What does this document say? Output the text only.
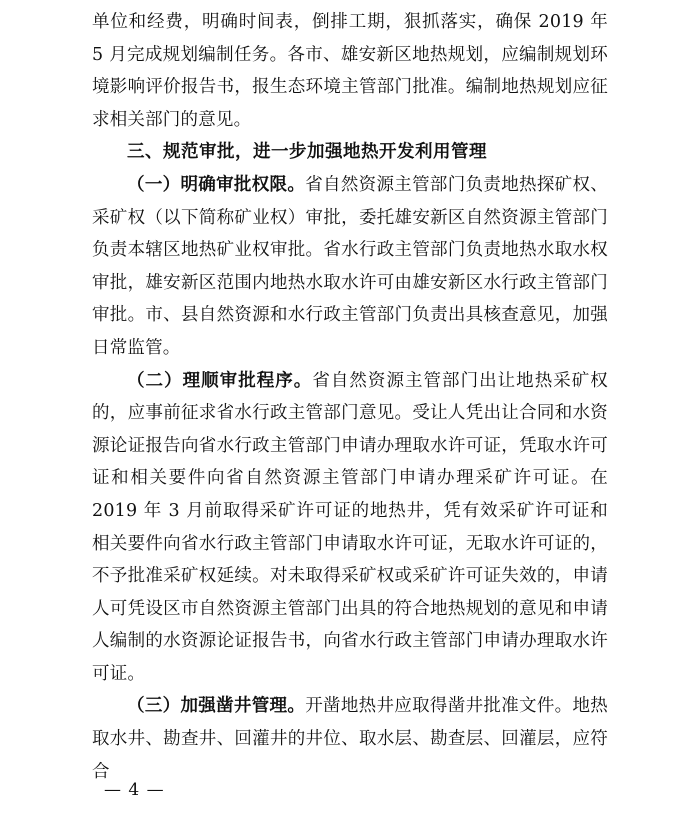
单位和经费，明确时间表，倒排工期，狠抓落实，确保 2019 年 5 月完成规划编制任务。各市、雄安新区地热规划，应编制规划环境影响评价报告书，报生态环境主管部门批准。编制地热规划应征求相关部门的意见。

三、规范审批，进一步加强地热开发利用管理

（一）明确审批权限。省自然资源主管部门负责地热探矿权、采矿权（以下简称矿业权）审批，委托雄安新区自然资源主管部门负责本辖区地热矿业权审批。省水行政主管部门负责地热水取水权审批，雄安新区范围内地热水取水许可由雄安新区水行政主管部门审批。市、县自然资源和水行政主管部门负责出具核查意见，加强日常监管。

（二）理顺审批程序。省自然资源主管部门出让地热采矿权的，应事前征求省水行政主管部门意见。受让人凭出让合同和水资源论证报告向省水行政主管部门申请办理取水许可证，凭取水许可证和相关要件向省自然资源主管部门申请办理采矿许可证。在 2019 年 3 月前取得采矿许可证的地热井，凭有效采矿许可证和相关要件向省水行政主管部门申请取水许可证，无取水许可证的，不予批准采矿权延续。对未取得采矿权或采矿许可证失效的，申请人可凭设区市自然资源主管部门出具的符合地热规划的意见和申请人编制的水资源论证报告书，向省水行政主管部门申请办理取水许可证。

（三）加强凿井管理。开凿地热井应取得凿井批准文件。地热取水井、勘查井、回灌井的井位、取水层、勘查层、回灌层，应符合

— 4 —
